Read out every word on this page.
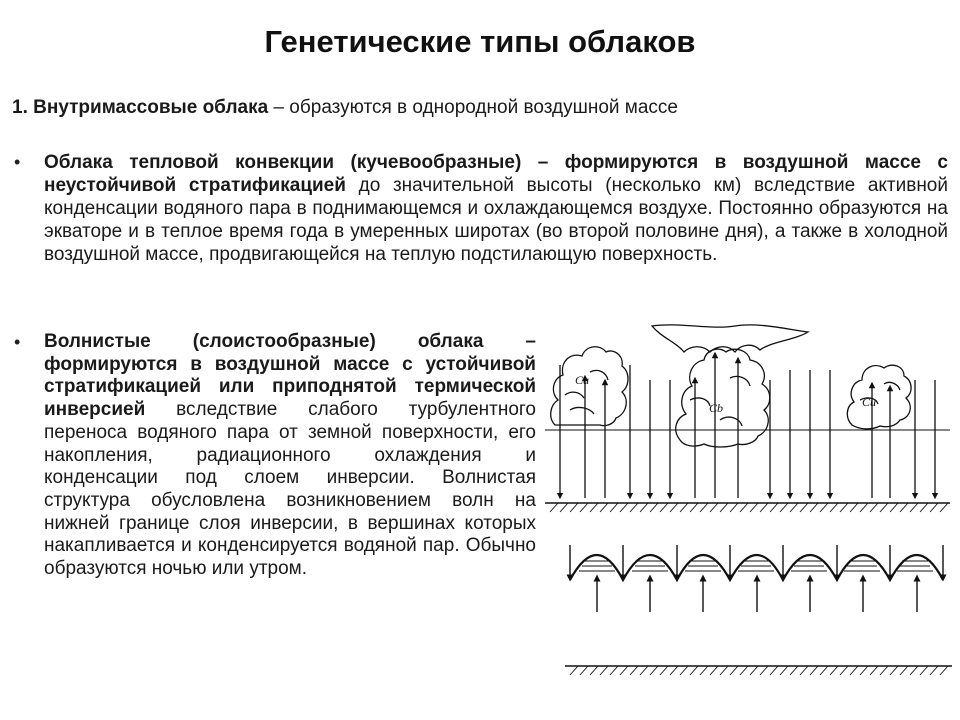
Генетические типы облаков
1. Внутримассовые облака – образуются в однородной воздушной массе
• Облака тепловой конвекции (кучевообразные) – формируются в воздушной массе с неустойчивой стратификацией до значительной высоты (несколько км) вследствие активной конденсации водяного пара в поднимающемся и охлаждающемся воздухе. Постоянно образуются на экваторе и в теплое время года в умеренных широтах (во второй половине дня), а также в холодной воздушной массе, продвигающейся на теплую подстилающую поверхность.
• Волнистые (слоистообразные) облака – формируются в воздушной массе с устойчивой стратификацией или приподнятой термической инверсией вследствие слабого турбулентного переноса водяного пара от земной поверхности, его накопления, радиационного охлаждения и конденсации под слоем инверсии. Волнистая структура обусловлена возникновением волн на нижней границе слоя инверсии, в вершинах которых накапливается и конденсируется водяной пар. Обычно образуются ночью или утром.
Cu
Cb	Cu
